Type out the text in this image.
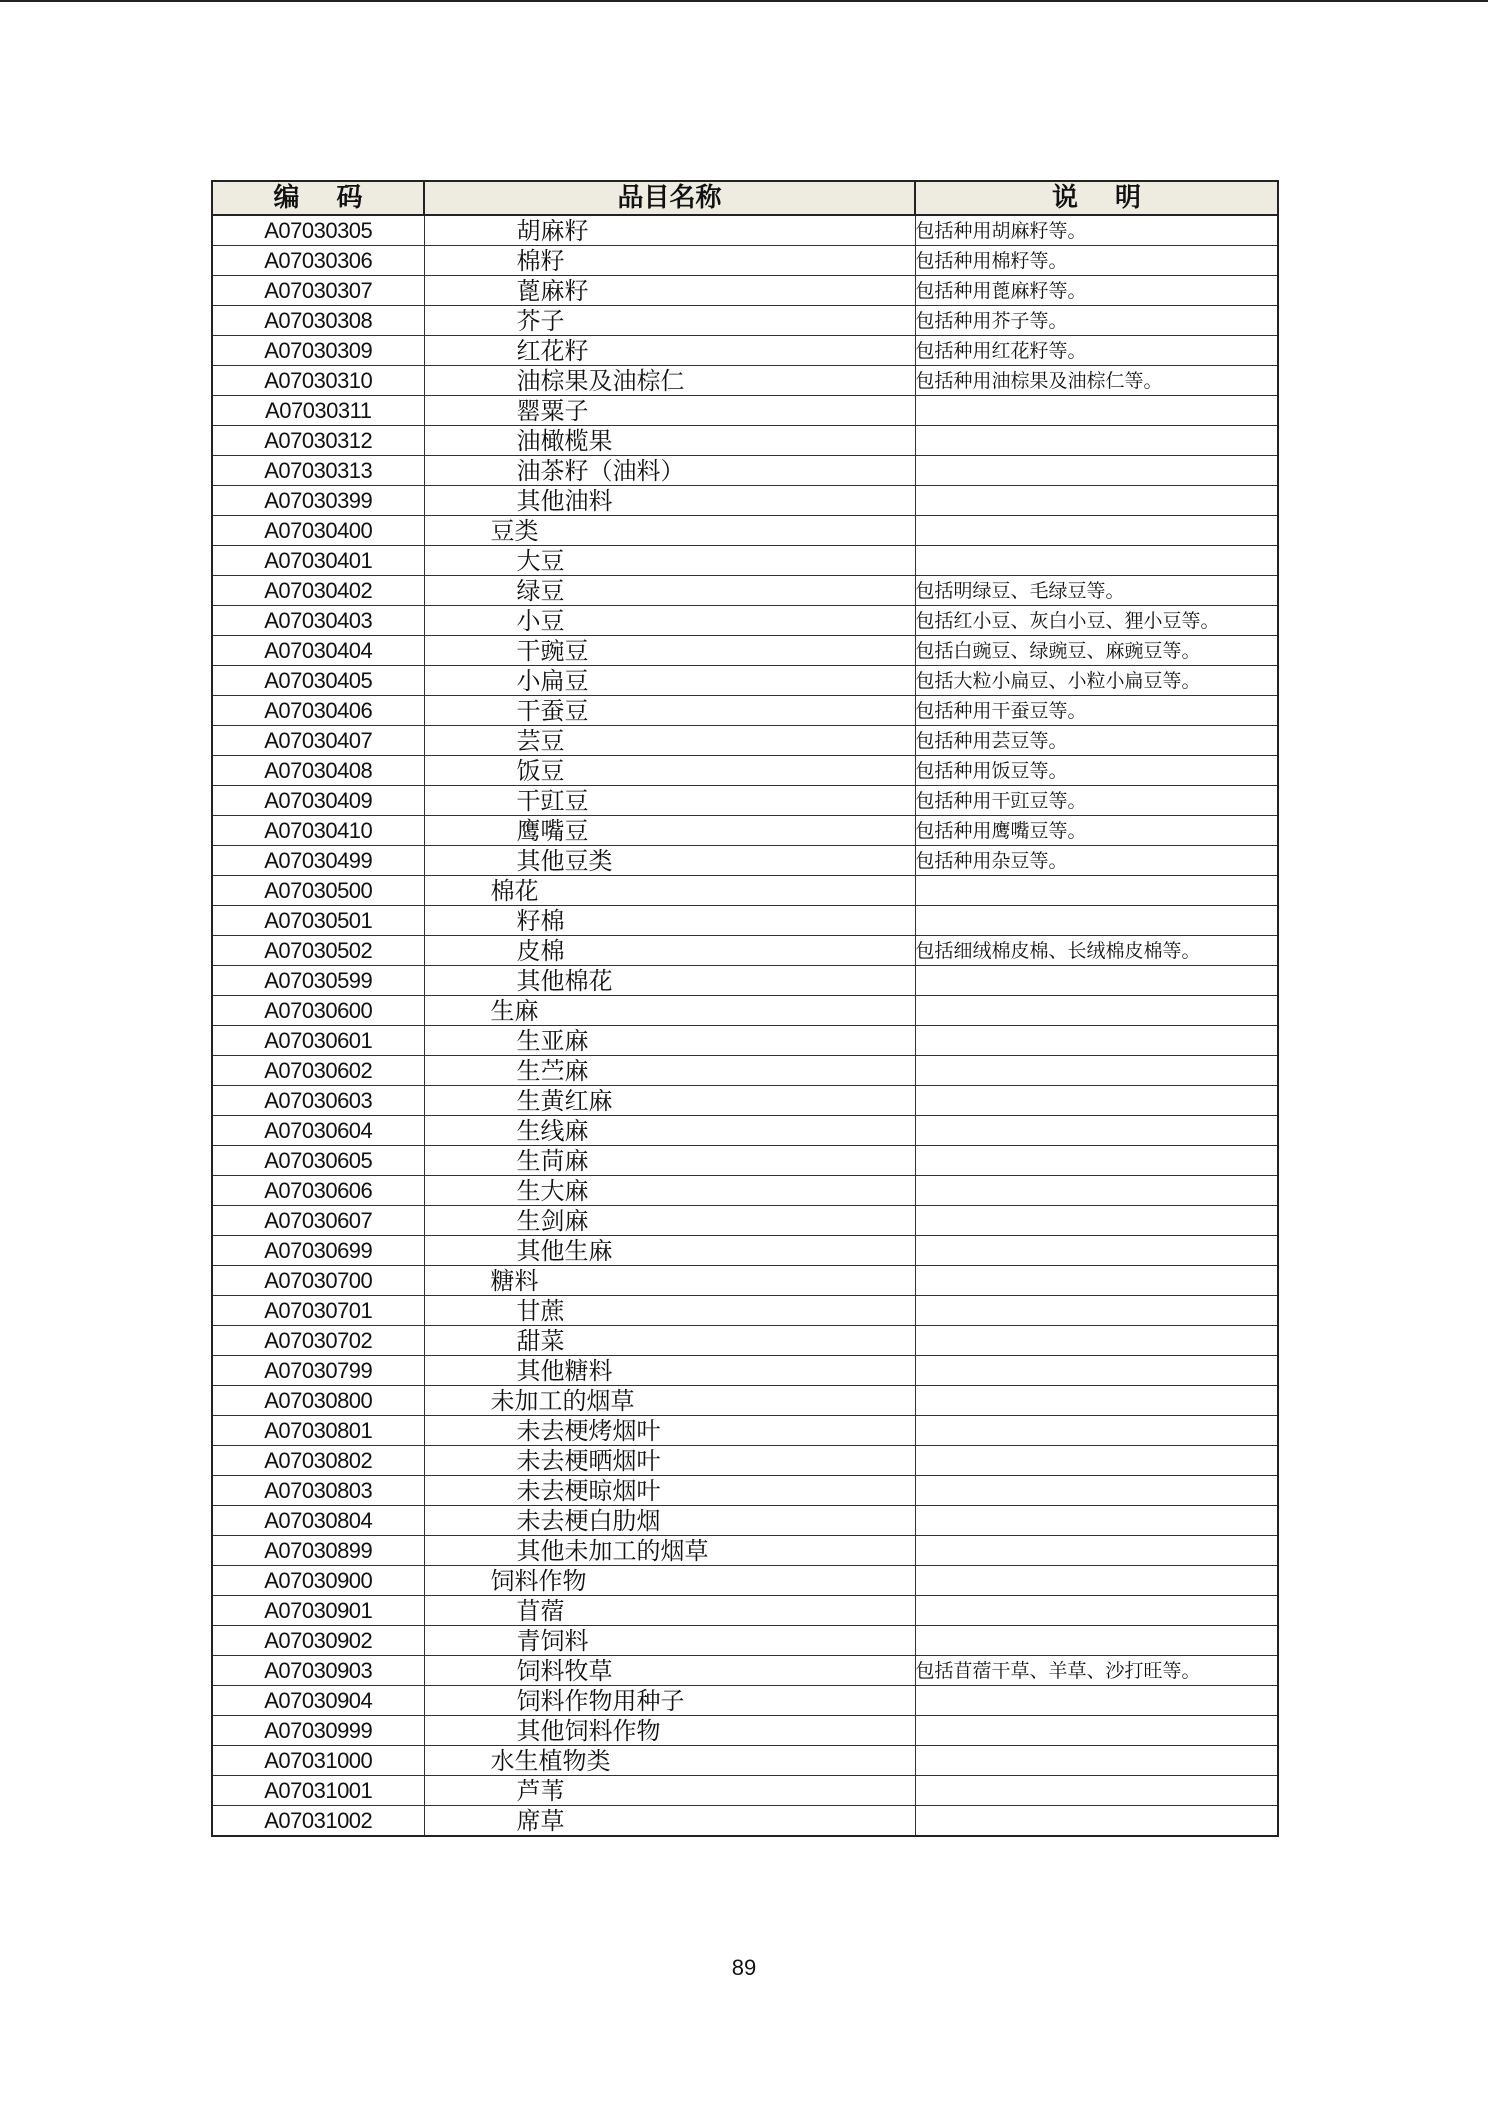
编 码	品目名称	说 明
A07030305	胡麻籽	包括种用胡麻籽等。
A07030306	棉籽	包括种用棉籽等。
A07030307	蓖麻籽	包括种用蓖麻籽等。
A07030308	芥子	包括种用芥子等。
A07030309	红花籽	包括种用红花籽等。
A07030310	油棕果及油棕仁	包括种用油棕果及油棕仁等。
A07030311	罂粟子	
A07030312	油橄榄果	
A07030313	油茶籽（油料）	
A07030399	其他油料	
A07030400	豆类	
A07030401	大豆	
A07030402	绿豆	包括明绿豆、毛绿豆等。
A07030403	小豆	包括红小豆、灰白小豆、狸小豆等。
A07030404	干豌豆	包括白豌豆、绿豌豆、麻豌豆等。
A07030405	小扁豆	包括大粒小扁豆、小粒小扁豆等。
A07030406	干蚕豆	包括种用干蚕豆等。
A07030407	芸豆	包括种用芸豆等。
A07030408	饭豆	包括种用饭豆等。
A07030409	干豇豆	包括种用干豇豆等。
A07030410	鹰嘴豆	包括种用鹰嘴豆等。
A07030499	其他豆类	包括种用杂豆等。
A07030500	棉花	
A07030501	籽棉	
A07030502	皮棉	包括细绒棉皮棉、长绒棉皮棉等。
A07030599	其他棉花	
A07030600	生麻	
A07030601	生亚麻	
A07030602	生苎麻	
A07030603	生黄红麻	
A07030604	生线麻	
A07030605	生苘麻	
A07030606	生大麻	
A07030607	生剑麻	
A07030699	其他生麻	
A07030700	糖料	
A07030701	甘蔗	
A07030702	甜菜	
A07030799	其他糖料	
A07030800	未加工的烟草	
A07030801	未去梗烤烟叶	
A07030802	未去梗晒烟叶	
A07030803	未去梗晾烟叶	
A07030804	未去梗白肋烟	
A07030899	其他未加工的烟草	
A07030900	饲料作物	
A07030901	苜蓿	
A07030902	青饲料	
A07030903	饲料牧草	包括苜蓿干草、羊草、沙打旺等。
A07030904	饲料作物用种子	
A07030999	其他饲料作物	
A07031000	水生植物类	
A07031001	芦苇	
A07031002	席草	
89
